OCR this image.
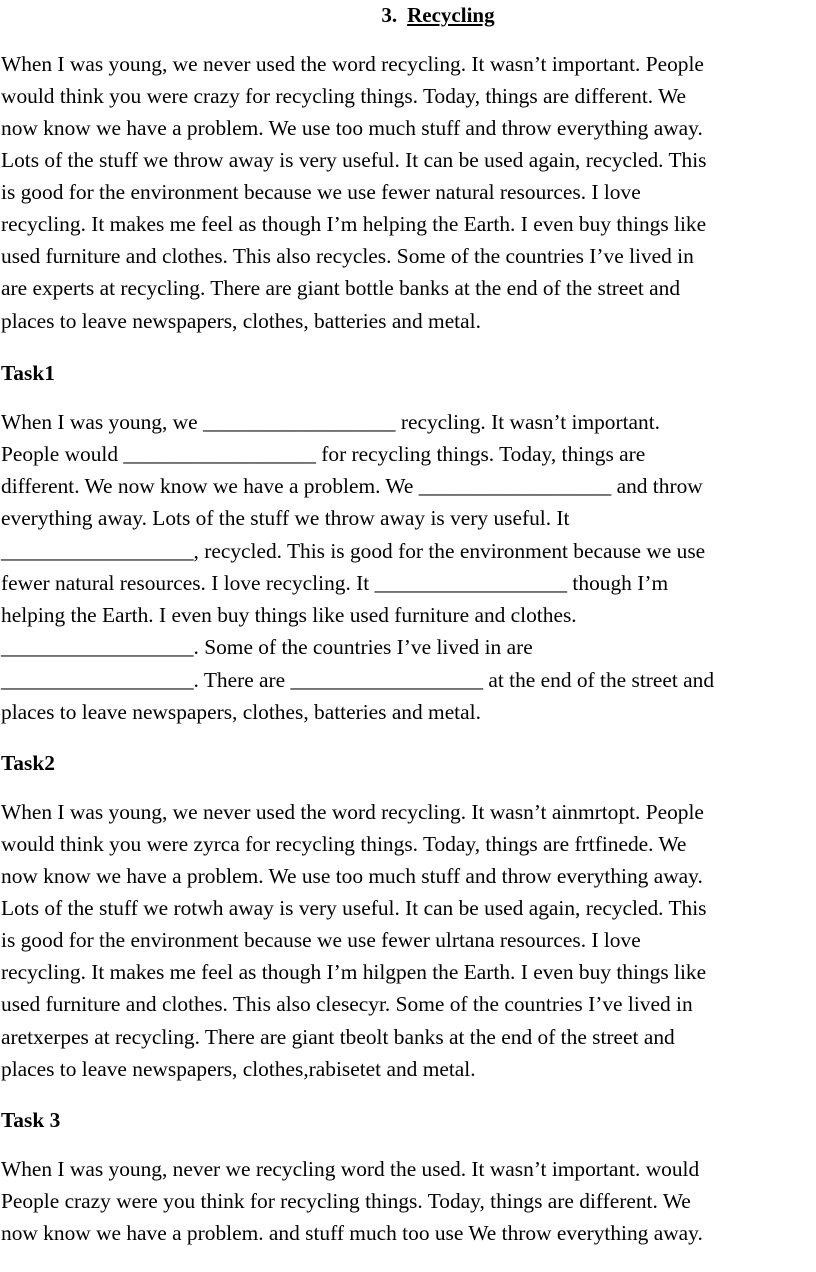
3. Recycling
When I was young, we never used the word recycling. It wasn’t important. People
would think you were crazy for recycling things. Today, things are different. We
now know we have a problem. We use too much stuff and throw everything away.
Lots of the stuff we throw away is very useful. It can be used again, recycled. This
is good for the environment because we use fewer natural resources. I love
recycling. It makes me feel as though I’m helping the Earth. I even buy things like
used furniture and clothes. This also recycles. Some of the countries I’ve lived in
are experts at recycling. There are giant bottle banks at the end of the street and
places to leave newspapers, clothes, batteries and metal.
Task1
When I was young, we __________________ recycling. It wasn’t important.
People would __________________ for recycling things. Today, things are
different. We now know we have a problem. We __________________ and throw
everything away. Lots of the stuff we throw away is very useful. It
__________________, recycled. This is good for the environment because we use
fewer natural resources. I love recycling. It __________________ though I’m
helping the Earth. I even buy things like used furniture and clothes.
__________________. Some of the countries I’ve lived in are
__________________. There are __________________ at the end of the street and
places to leave newspapers, clothes, batteries and metal.
Task2
When I was young, we never used the word recycling. It wasn’t ainmrtopt. People
would think you were zyrca for recycling things. Today, things are frtfinede. We
now know we have a problem. We use too much stuff and throw everything away.
Lots of the stuff we rotwh away is very useful. It can be used again, recycled. This
is good for the environment because we use fewer ulrtana resources. I love
recycling. It makes me feel as though I’m hilgpen the Earth. I even buy things like
used furniture and clothes. This also clesecyr. Some of the countries I’ve lived in
aretxerpes at recycling. There are giant tbeolt banks at the end of the street and
places to leave newspapers, clothes,rabisetet and metal.
Task 3
When I was young, never we recycling word the used. It wasn’t important. would
People crazy were you think for recycling things. Today, things are different. We
now know we have a problem. and stuff much too use We throw everything away.
